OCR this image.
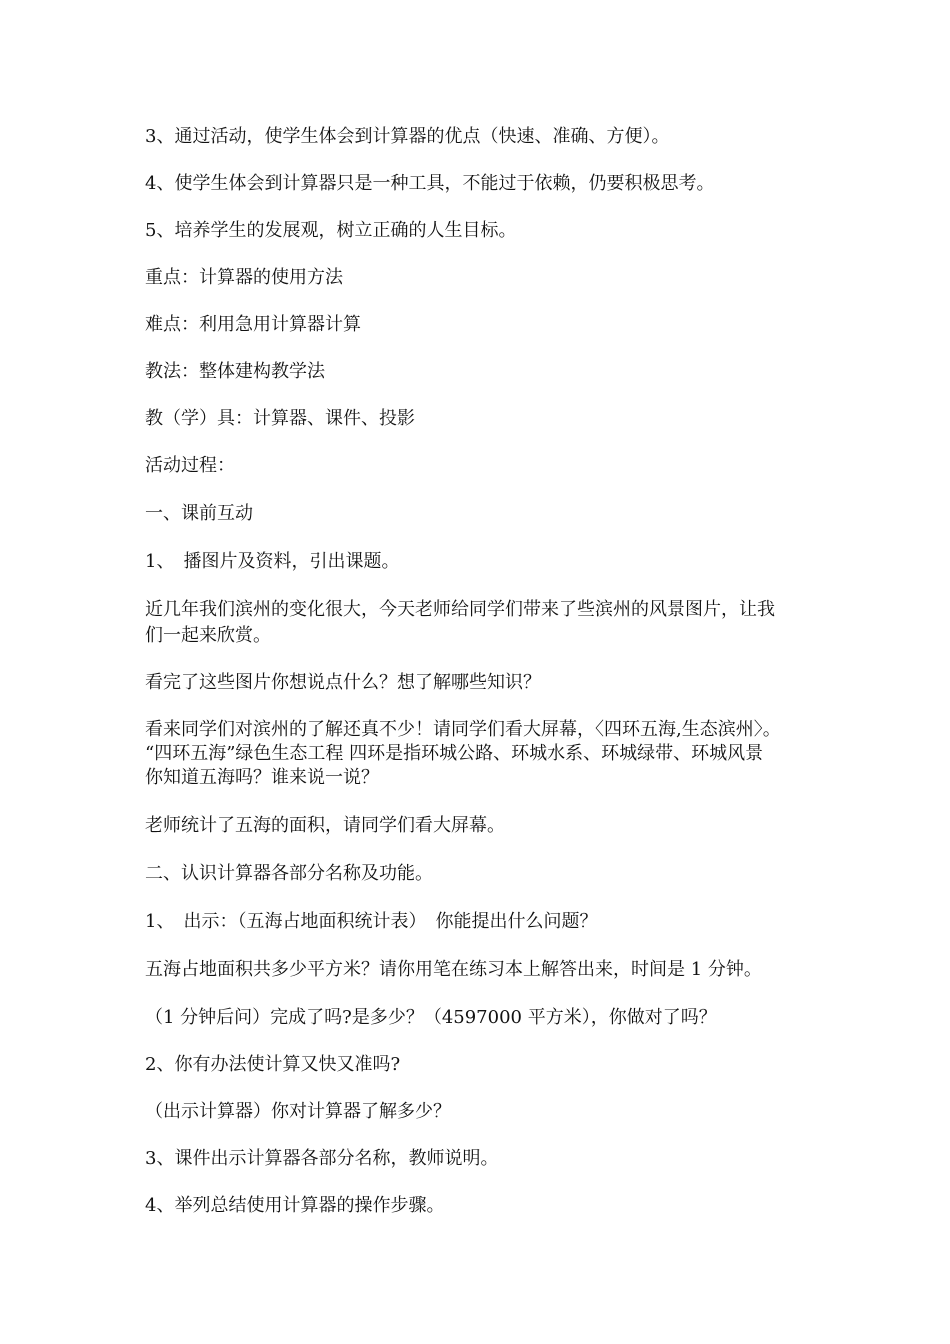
3、通过活动，使学生体会到计算器的优点（快速、准确、方便）。
4、使学生体会到计算器只是一种工具，不能过于依赖，仍要积极思考。
5、培养学生的发展观，树立正确的人生目标。
重点：计算器的使用方法
难点：利用急用计算器计算
教法：整体建构教学法
教（学）具：计算器、课件、投影
活动过程：
一、课前互动
1、　播图片及资料，引出课题。
近几年我们滨州的变化很大，今天老师给同学们带来了些滨州的风景图片，让我
们一起来欣赏。
看完了这些图片你想说点什么？想了解哪些知识？
看来同学们对滨州的了解还真不少！请同学们看大屏幕，〈四环五海,生态滨州〉。
“四环五海”绿色生态工程 四环是指环城公路、环城水系、环城绿带、环城风景
你知道五海吗？谁来说一说？
老师统计了五海的面积，请同学们看大屏幕。
二、认识计算器各部分名称及功能。
1、　出示：（五海占地面积统计表）　你能提出什么问题？
五海占地面积共多少平方米？请你用笔在练习本上解答出来，时间是 1 分钟。
（1 分钟后问）完成了吗?是多少？（4597000 平方米），你做对了吗？
2、你有办法使计算又快又准吗?
（出示计算器）你对计算器了解多少？
3、课件出示计算器各部分名称，教师说明。
4、举列总结使用计算器的操作步骤。
